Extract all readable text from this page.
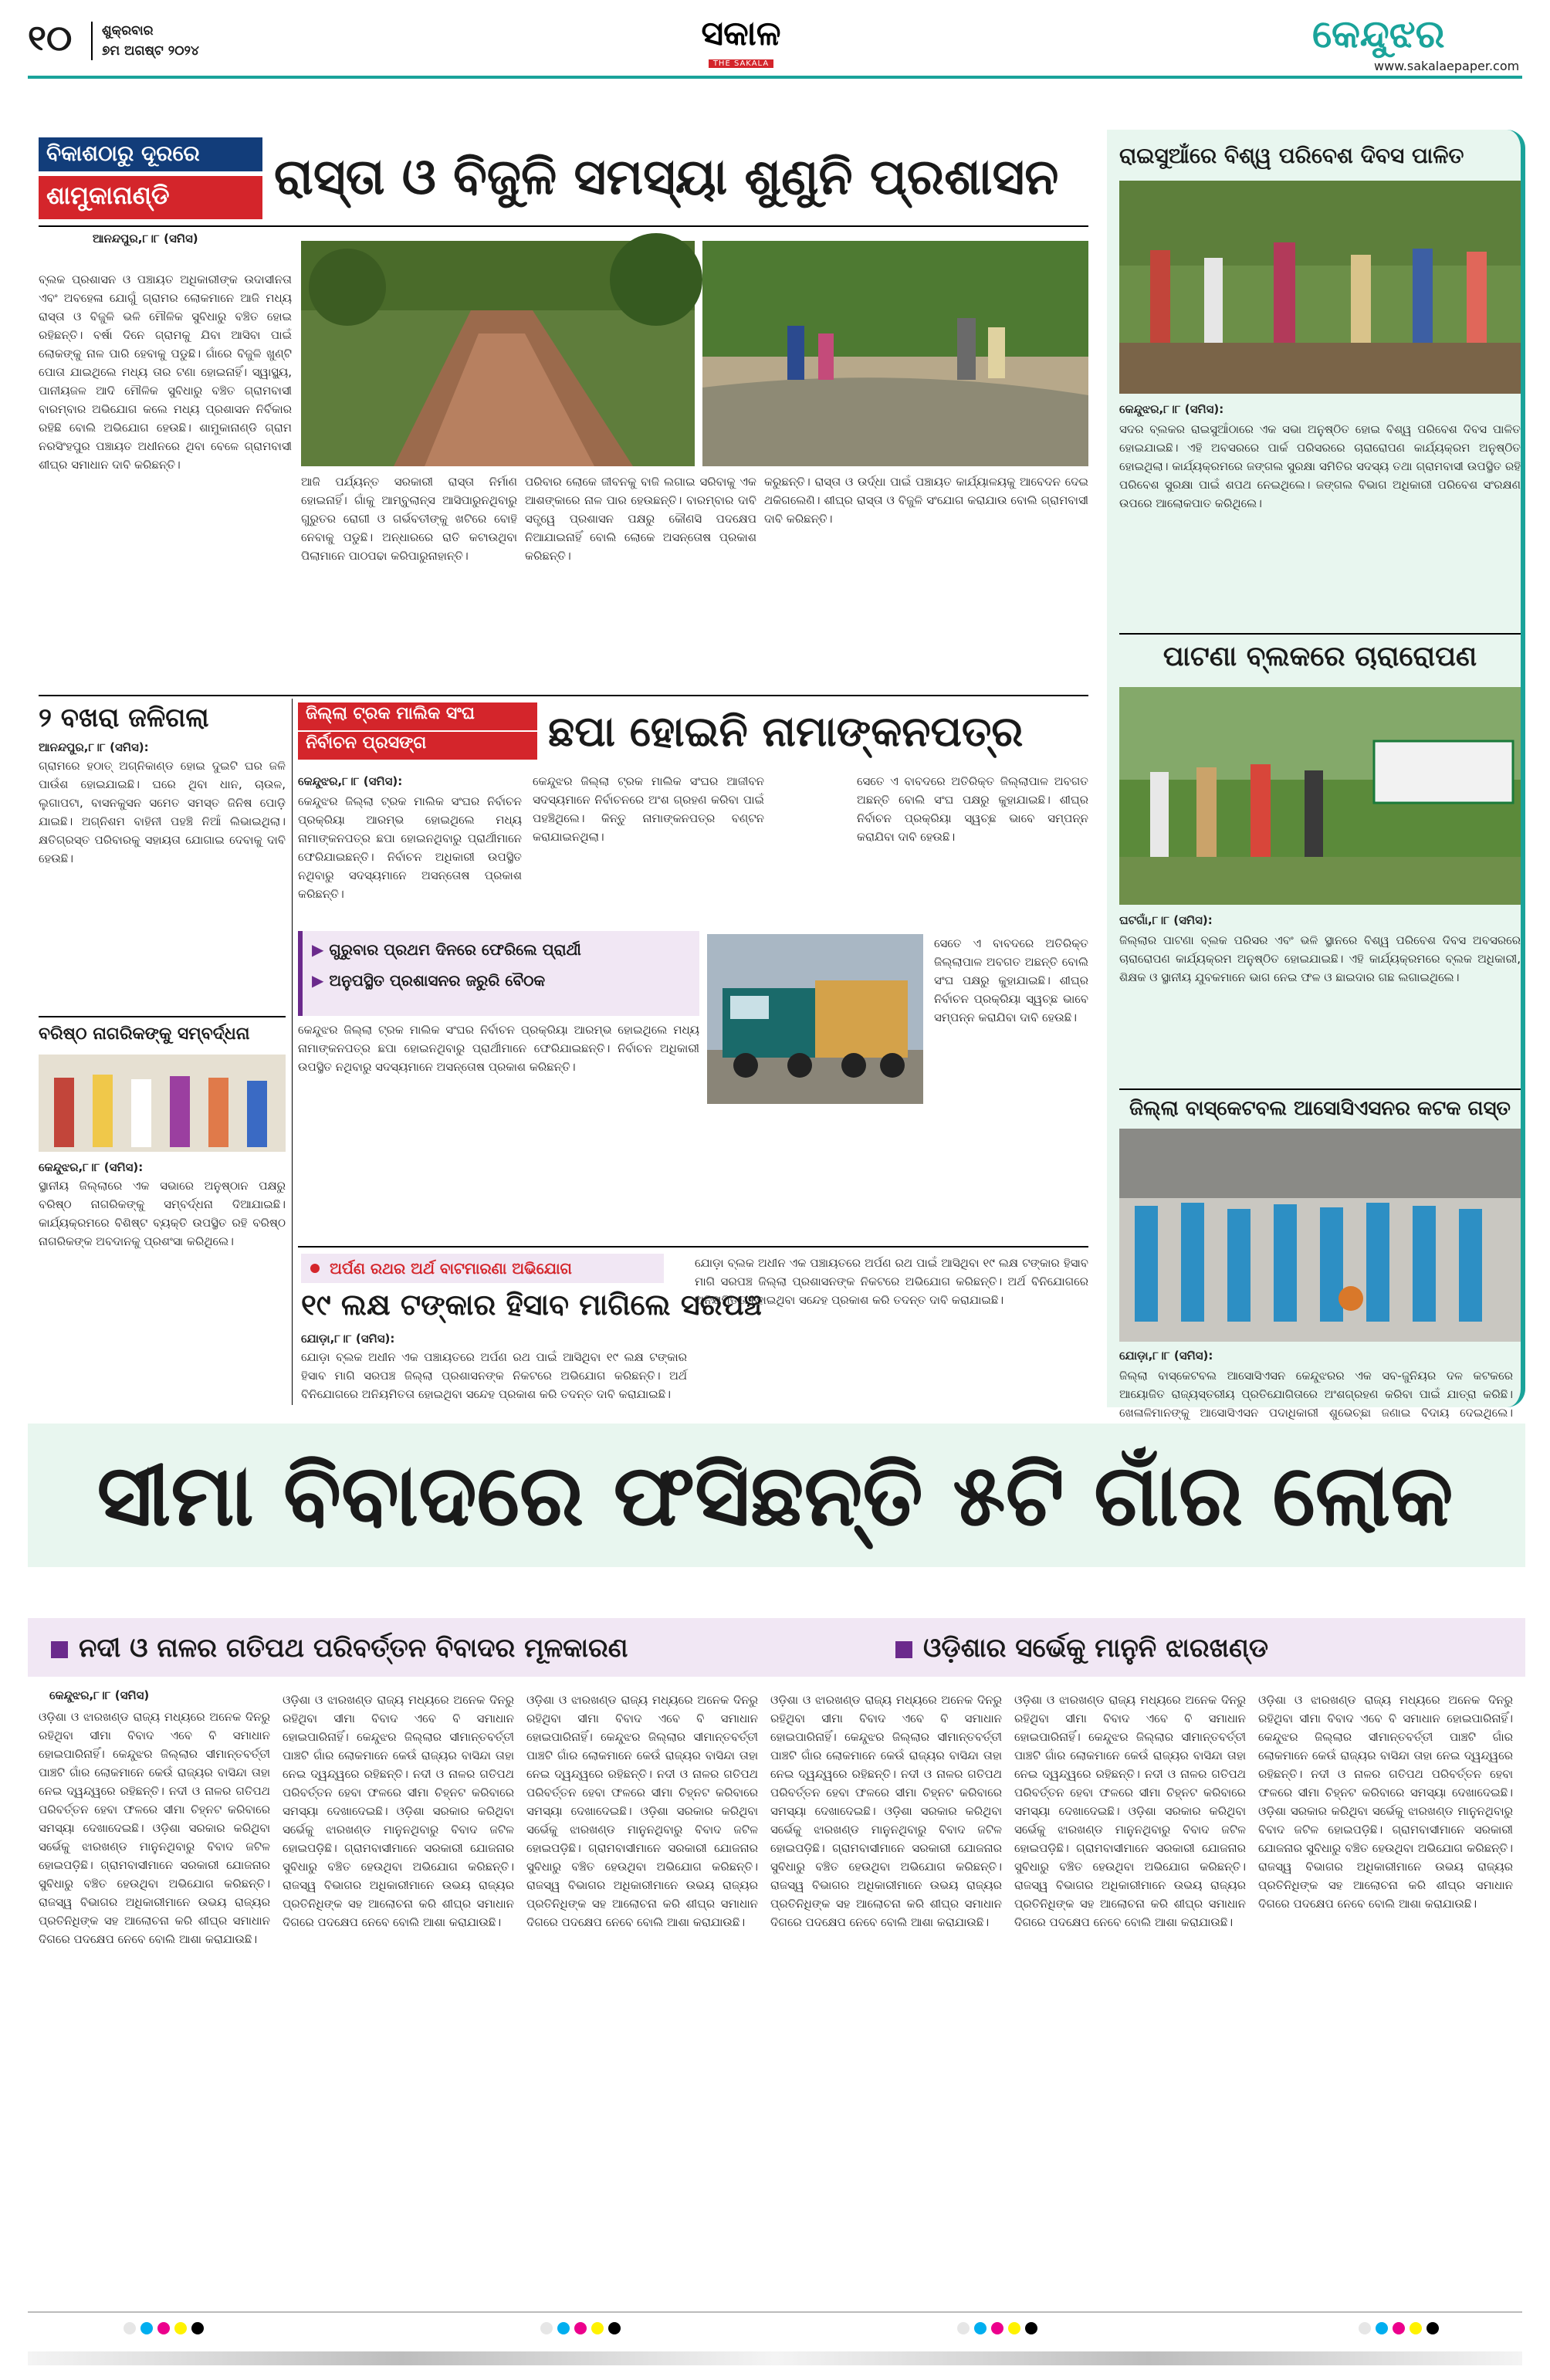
୧୦ ଶୁକ୍ରବାର
୭ମ ଅଗଷ୍ଟ ୨୦୨୪	ସକାଳ
THE SAKALA
କେନ୍ଦୁଝର
www.sakalaepaper.com
ବିକାଶଠାରୁ ଦୂରରେ
ଶାମୁକାନାଣ୍ଡି	ରାସ୍ତା ଓ ବିଜୁଳି ସମସ୍ୟା ଶୁଣୁନି ପ୍ରଶାସନ
ଆନନ୍ଦପୁର,୮।୮ (ସମିସ)
ବ୍ଲକ ପ୍ରଶାସନ ଓ ପଞ୍ଚାୟତ ଅଧିକାରୀଙ୍କ ଉଦାସୀନତା ଏବଂ ଅବହେଳା ଯୋଗୁଁ ଗ୍ରାମର ଲୋକମାନେ ଆଜି ମଧ୍ୟ ରାସ୍ତା ଓ ବିଜୁଳି ଭଳି ମୌଳିକ ସୁବିଧାରୁ ବଞ୍ଚିତ ହୋଇ ରହିଛନ୍ତି। ବର୍ଷା ଦିନେ ଗ୍ରାମକୁ ଯିବା ଆସିବା ପାଇଁ ଲୋକଙ୍କୁ ନାଳ ପାରି ହେବାକୁ ପଡୁଛି। ଗାଁରେ ବିଜୁଳି ଖୁଣ୍ଟି ପୋତା ଯାଇଥିଲେ ମଧ୍ୟ ତାର ଟଣା ହୋଇନାହିଁ। ସ୍ୱାସ୍ଥ୍ୟ, ପାନୀୟଜଳ ଆଦି ମୌଳିକ ସୁବିଧାରୁ ବଞ୍ଚିତ ଗ୍ରାମବାସୀ ବାରମ୍ବାର ଅଭିଯୋଗ କଲେ ମଧ୍ୟ ପ୍ରଶାସନ ନିର୍ବିକାର ରହିଛି ବୋଲି ଅଭିଯୋଗ ହେଉଛି। ଶାମୁକାନାଣ୍ଡି ଗ୍ରାମ ନରସିଂହପୁର ପଞ୍ଚାୟତ ଅଧୀନରେ ଥିବା ବେଳେ ଗ୍ରାମବାସୀ ଶୀଘ୍ର ସମାଧାନ ଦାବି କରିଛନ୍ତି।
ଆଜି ପର୍ଯ୍ୟନ୍ତ ସରକାରୀ ରାସ୍ତା ନିର୍ମାଣ ହୋଇନାହିଁ। ଗାଁକୁ ଆମ୍ବୁଲାନ୍ସ ଆସିପାରୁନଥିବାରୁ ଗୁରୁତର ରୋଗୀ ଓ ଗର୍ଭବତୀଙ୍କୁ ଖଟିରେ ବୋହି ନେବାକୁ ପଡୁଛି। ଅନ୍ଧାରରେ ରାତି କଟାଉଥିବା ପିଲାମାନେ ପାଠପଢା କରିପାରୁନାହାନ୍ତି।
ପରିବାର ଲୋକେ ଜୀବନକୁ ବାଜି ଲଗାଇ ସରିବାକୁ ଏକ ଆଶଙ୍କାରେ ନାଳ ପାର ହେଉଛନ୍ତି। ବାରମ୍ବାର ଦାବି ସତ୍ତ୍ୱେ ପ୍ରଶାସନ ପକ୍ଷରୁ କୌଣସି ପଦକ୍ଷେପ ନିଆଯାଇନାହିଁ ବୋଲି ଲୋକେ ଅସନ୍ତୋଷ ପ୍ରକାଶ କରିଛନ୍ତି।
କରୁଛନ୍ତି। ରାସ୍ତା ଓ ଉର୍ଦ୍ଧା ପାଇଁ ପଞ୍ଚାୟତ କାର୍ଯ୍ୟାଳୟକୁ ଆବେଦନ ଦେଇ ଥକିଗଲେଣି। ଶୀଘ୍ର ରାସ୍ତା ଓ ବିଜୁଳି ସଂଯୋଗ କରାଯାଉ ବୋଲି ଗ୍ରାମବାସୀ ଦାବି କରିଛନ୍ତି।
ରାଇସୁଆଁରେ ବିଶ୍ୱ ପରିବେଶ ଦିବସ ପାଳିତ
କେନ୍ଦୁଝର,୮।୮ (ସମିସ):
ସଦର ବ୍ଲକର ରାଇସୁଆଁଠାରେ ଏକ ସଭା ଅନୁଷ୍ଠିତ ହୋଇ ବିଶ୍ୱ ପରିବେଶ ଦିବସ ପାଳିତ ହୋଇଯାଇଛି। ଏହି ଅବସରରେ ପାର୍କ ପରିସରରେ ଚାରାରୋପଣ କାର୍ଯ୍ୟକ୍ରମ ଅନୁଷ୍ଠିତ ହୋଇଥିଲା। କାର୍ଯ୍ୟକ୍ରମରେ ଜଙ୍ଗଲ ସୁରକ୍ଷା ସମିତିର ସଦସ୍ୟ ତଥା ଗ୍ରାମବାସୀ ଉପସ୍ଥିତ ରହି ପରିବେଶ ସୁରକ୍ଷା ପାଇଁ ଶପଥ ନେଇଥିଲେ। ଜଙ୍ଗଲ ବିଭାଗ ଅଧିକାରୀ ପରିବେଶ ସଂରକ୍ଷଣ ଉପରେ ଆଲୋକପାତ କରିଥିଲେ।
ପାଟଣା ବ୍ଲକରେ ଚାରାରୋପଣ
ଘଟଗାଁ,୮।୮ (ସମିସ):
ଜିଲ୍ଲାର ପାଟଣା ବ୍ଲକ ପରିସର ଏବଂ ଭଳି ସ୍ଥାନରେ ବିଶ୍ୱ ପରିବେଶ ଦିବସ ଅବସରରେ ଚାରାରୋପଣ କାର୍ଯ୍ୟକ୍ରମ ଅନୁଷ୍ଠିତ ହୋଇଯାଇଛି। ଏହି କାର୍ଯ୍ୟକ୍ରମରେ ବ୍ଲକ ଅଧିକାରୀ, ଶିକ୍ଷକ ଓ ସ୍ଥାନୀୟ ଯୁବକମାନେ ଭାଗ ନେଇ ଫଳ ଓ ଛାଇଦାର ଗଛ ଲଗାଇଥିଲେ।
ଜିଲ୍ଲା ବାସ୍କେଟବଲ ଆସୋସିଏସନର କଟକ ଗସ୍ତ
ଯୋଡ଼ା,୮।୮ (ସମିସ):
ଜିଲ୍ଲା ବାସ୍କେଟବଲ ଆସୋସିଏସନ କେନ୍ଦୁଝରର ଏକ ସବ-ଜୁନିୟର ଦଳ କଟକରେ ଆୟୋଜିତ ରାଜ୍ୟସ୍ତରୀୟ ପ୍ରତିଯୋଗିତାରେ ଅଂଶଗ୍ରହଣ କରିବା ପାଇଁ ଯାତ୍ରା କରିଛି। ଖେଳାଳିମାନଙ୍କୁ ଆସୋସିଏସନ ପଦାଧିକାରୀ ଶୁଭେଚ୍ଛା ଜଣାଇ ବିଦାୟ ଦେଇଥିଲେ।
୨ ବଖରା ଜଳିଗଲା
ଆନନ୍ଦପୁର,୮।୮ (ସମିସ):
ଗ୍ରାମରେ ହଠାତ୍ ଅଗ୍ନିକାଣ୍ଡ ହୋଇ ଦୁଇଟି ଘର ଜଳି ପାଉଁଶ ହୋଇଯାଇଛି। ଘରେ ଥିବା ଧାନ, ଚାଉଳ, ଲୁଗାପଟା, ବାସନକୁସନ ସମେତ ସମସ୍ତ ଜିନିଷ ପୋଡ଼ି ଯାଇଛି। ଅଗ୍ନିଶମ ବାହିନୀ ପହଞ୍ଚି ନିଆଁ ଲିଭାଇଥିଲା। କ୍ଷତିଗ୍ରସ୍ତ ପରିବାରକୁ ସହାୟତା ଯୋଗାଇ ଦେବାକୁ ଦାବି ହେଉଛି।
ବରିଷ୍ଠ ନାଗରିକଙ୍କୁ ସମ୍ବର୍ଦ୍ଧନା
କେନ୍ଦୁଝର,୮।୮ (ସମିସ):
ସ୍ଥାନୀୟ ଜିଲ୍ଲାରେ ଏକ ସଭାରେ ଅନୁଷ୍ଠାନ ପକ୍ଷରୁ ବରିଷ୍ଠ ନାଗରିକଙ୍କୁ ସମ୍ବର୍ଦ୍ଧନା ଦିଆଯାଇଛି। କାର୍ଯ୍ୟକ୍ରମରେ ବିଶିଷ୍ଟ ବ୍ୟକ୍ତି ଉପସ୍ଥିତ ରହି ବରିଷ୍ଠ ନାଗରିକଙ୍କ ଅବଦାନକୁ ପ୍ରଶଂସା କରିଥିଲେ।
ଜିଲ୍ଲା ଟ୍ରକ ମାଲିକ ସଂଘ
ନିର୍ବାଚନ ପ୍ରସଙ୍ଗ	ଛପା ହୋଇନି ନାମାଙ୍କନପତ୍ର
କେନ୍ଦୁଝର,୮।୮ (ସମିସ):
କେନ୍ଦୁଝର ଜିଲ୍ଲା ଟ୍ରକ ମାଲିକ ସଂଘର ନିର୍ବାଚନ ପ୍ରକ୍ରିୟା ଆରମ୍ଭ ହୋଇଥିଲେ ମଧ୍ୟ ନାମାଙ୍କନପତ୍ର ଛପା ହୋଇନଥିବାରୁ ପ୍ରାର୍ଥୀମାନେ ଫେରିଯାଇଛନ୍ତି। ନିର୍ବାଚନ ଅଧିକାରୀ ଉପସ୍ଥିତ ନଥିବାରୁ ସଦସ୍ୟମାନେ ଅସନ୍ତୋଷ ପ୍ରକାଶ କରିଛନ୍ତି।
▶ ଗୁରୁବାର ପ୍ରଥମ ଦିନରେ ଫେରିଲେ ପ୍ରାର୍ଥୀ
▶ ଅନୁପସ୍ଥିତ ପ୍ରଶାସନର ଜରୁରି ବୈଠକ
କେନ୍ଦୁଝର ଜିଲ୍ଲା ଟ୍ରକ ମାଲିକ ସଂଘର ଆଜୀବନ ସଦସ୍ୟମାନେ ନିର୍ବାଚନରେ ଅଂଶ ଗ୍ରହଣ କରିବା ପାଇଁ ପହଞ୍ଚିଥିଲେ। କିନ୍ତୁ ନାମାଙ୍କନପତ୍ର ବଣ୍ଟନ କରାଯାଇନଥିଲା।
ସେତେ ଏ ବାବଦରେ ଅତିରିକ୍ତ ଜିଲ୍ଲାପାଳ ଅବଗତ ଅଛନ୍ତି ବୋଲି ସଂଘ ପକ୍ଷରୁ କୁହାଯାଇଛି। ଶୀଘ୍ର ନିର୍ବାଚନ ପ୍ରକ୍ରିୟା ସ୍ୱଚ୍ଛ ଭାବେ ସମ୍ପନ୍ନ କରାଯିବା ଦାବି ହେଉଛି।
କେନ୍ଦୁଝର ଜିଲ୍ଲା ଟ୍ରକ ମାଲିକ ସଂଘର ନିର୍ବାଚନ ପ୍ରକ୍ରିୟା ଆରମ୍ଭ ହୋଇଥିଲେ ମଧ୍ୟ ନାମାଙ୍କନପତ୍ର ଛପା ହୋଇନଥିବାରୁ ପ୍ରାର୍ଥୀମାନେ ଫେରିଯାଇଛନ୍ତି। ନିର୍ବାଚନ ଅଧିକାରୀ ଉପସ୍ଥିତ ନଥିବାରୁ ସଦସ୍ୟମାନେ ଅସନ୍ତୋଷ ପ୍ରକାଶ କରିଛନ୍ତି।
ସେତେ ଏ ବାବଦରେ ଅତିରିକ୍ତ ଜିଲ୍ଲାପାଳ ଅବଗତ ଅଛନ୍ତି ବୋଲି ସଂଘ ପକ୍ଷରୁ କୁହାଯାଇଛି। ଶୀଘ୍ର ନିର୍ବାଚନ ପ୍ରକ୍ରିୟା ସ୍ୱଚ୍ଛ ଭାବେ ସମ୍ପନ୍ନ କରାଯିବା ଦାବି ହେଉଛି।
ଅର୍ପଣ ରଥର ଅର୍ଥ ବାଟମାରଣା ଅଭିଯୋଗ
୧୯ ଲକ୍ଷ ଟଙ୍କାର ହିସାବ ମାଗିଲେ ସରପଞ୍ଚ
ଯୋଡ଼ା,୮।୮ (ସମିସ):
ଯୋଡ଼ା ବ୍ଲକ ଅଧୀନ ଏକ ପଞ୍ଚାୟତରେ ଅର୍ପଣ ରଥ ପାଇଁ ଆସିଥିବା ୧୯ ଲକ୍ଷ ଟଙ୍କାର ହିସାବ ମାଗି ସରପଞ୍ଚ ଜିଲ୍ଲା ପ୍ରଶାସନଙ୍କ ନିକଟରେ ଅଭିଯୋଗ କରିଛନ୍ତି। ଅର୍ଥ ବିନିଯୋଗରେ ଅନିୟମିତତା ହୋଇଥିବା ସନ୍ଦେହ ପ୍ରକାଶ କରି ତଦନ୍ତ ଦାବି କରାଯାଇଛି।
ଯୋଡ଼ା ବ୍ଲକ ଅଧୀନ ଏକ ପଞ୍ଚାୟତରେ ଅର୍ପଣ ରଥ ପାଇଁ ଆସିଥିବା ୧୯ ଲକ୍ଷ ଟଙ୍କାର ହିସାବ ମାଗି ସରପଞ୍ଚ ଜିଲ୍ଲା ପ୍ରଶାସନଙ୍କ ନିକଟରେ ଅଭିଯୋଗ କରିଛନ୍ତି। ଅର୍ଥ ବିନିଯୋଗରେ ଅନିୟମିତତା ହୋଇଥିବା ସନ୍ଦେହ ପ୍ରକାଶ କରି ତଦନ୍ତ ଦାବି କରାଯାଇଛି।
ସୀମା ବିବାଦରେ ଫସିଛନ୍ତି ୫ଟି ଗାଁର ଲୋକ
ନଦୀ ଓ ନାଳର ଗତିପଥ ପରିବର୍ତ୍ତନ ବିବାଦର ମୂଳକାରଣ	ଓଡ଼ିଶାର ସର୍ଭେକୁ ମାନୁନି ଝାରଖଣ୍ଡ
କେନ୍ଦୁଝର,୮।୮ (ସମିସ)
ଓଡ଼ିଶା ଓ ଝାରଖଣ୍ଡ ରାଜ୍ୟ ମଧ୍ୟରେ ଅନେକ ଦିନରୁ ରହିଥିବା ସୀମା ବିବାଦ ଏବେ ବି ସମାଧାନ ହୋଇପାରିନାହିଁ। କେନ୍ଦୁଝର ଜିଲ୍ଲାର ସୀମାନ୍ତବର୍ତ୍ତୀ ପାଞ୍ଚଟି ଗାଁର ଲୋକମାନେ କେଉଁ ରାଜ୍ୟର ବାସିନ୍ଦା ତାହା ନେଇ ଦ୍ୱନ୍ଦ୍ୱରେ ରହିଛନ୍ତି। ନଦୀ ଓ ନାଳର ଗତିପଥ ପରିବର୍ତ୍ତନ ହେବା ଫଳରେ ସୀମା ଚିହ୍ନଟ କରିବାରେ ସମସ୍ୟା ଦେଖାଦେଇଛି। ଓଡ଼ିଶା ସରକାର କରିଥିବା ସର୍ଭେକୁ ଝାରଖଣ୍ଡ ମାନୁନଥିବାରୁ ବିବାଦ ଜଟିଳ ହୋଇପଡ଼ିଛି। ଗ୍ରାମବାସୀମାନେ ସରକାରୀ ଯୋଜନାର ସୁବିଧାରୁ ବଞ୍ଚିତ ହେଉଥିବା ଅଭିଯୋଗ କରିଛନ୍ତି। ରାଜସ୍ୱ ବିଭାଗର ଅଧିକାରୀମାନେ ଉଭୟ ରାଜ୍ୟର ପ୍ରତିନିଧିଙ୍କ ସହ ଆଲୋଚନା କରି ଶୀଘ୍ର ସମାଧାନ ଦିଗରେ ପଦକ୍ଷେପ ନେବେ ବୋଲି ଆଶା କରାଯାଉଛି।
ଓଡ଼ିଶା ଓ ଝାରଖଣ୍ଡ ରାଜ୍ୟ ମଧ୍ୟରେ ଅନେକ ଦିନରୁ ରହିଥିବା ସୀମା ବିବାଦ ଏବେ ବି ସମାଧାନ ହୋଇପାରିନାହିଁ। କେନ୍ଦୁଝର ଜିଲ୍ଲାର ସୀମାନ୍ତବର୍ତ୍ତୀ ପାଞ୍ଚଟି ଗାଁର ଲୋକମାନେ କେଉଁ ରାଜ୍ୟର ବାସିନ୍ଦା ତାହା ନେଇ ଦ୍ୱନ୍ଦ୍ୱରେ ରହିଛନ୍ତି। ନଦୀ ଓ ନାଳର ଗତିପଥ ପରିବର୍ତ୍ତନ ହେବା ଫଳରେ ସୀମା ଚିହ୍ନଟ କରିବାରେ ସମସ୍ୟା ଦେଖାଦେଇଛି। ଓଡ଼ିଶା ସରକାର କରିଥିବା ସର୍ଭେକୁ ଝାରଖଣ୍ଡ ମାନୁନଥିବାରୁ ବିବାଦ ଜଟିଳ ହୋଇପଡ଼ିଛି। ଗ୍ରାମବାସୀମାନେ ସରକାରୀ ଯୋଜନାର ସୁବିଧାରୁ ବଞ୍ଚିତ ହେଉଥିବା ଅଭିଯୋଗ କରିଛନ୍ତି। ରାଜସ୍ୱ ବିଭାଗର ଅଧିକାରୀମାନେ ଉଭୟ ରାଜ୍ୟର ପ୍ରତିନିଧିଙ୍କ ସହ ଆଲୋଚନା କରି ଶୀଘ୍ର ସମାଧାନ ଦିଗରେ ପଦକ୍ଷେପ ନେବେ ବୋଲି ଆଶା କରାଯାଉଛି।
ଓଡ଼ିଶା ଓ ଝାରଖଣ୍ଡ ରାଜ୍ୟ ମଧ୍ୟରେ ଅନେକ ଦିନରୁ ରହିଥିବା ସୀମା ବିବାଦ ଏବେ ବି ସମାଧାନ ହୋଇପାରିନାହିଁ। କେନ୍ଦୁଝର ଜିଲ୍ଲାର ସୀମାନ୍ତବର୍ତ୍ତୀ ପାଞ୍ଚଟି ଗାଁର ଲୋକମାନେ କେଉଁ ରାଜ୍ୟର ବାସିନ୍ଦା ତାହା ନେଇ ଦ୍ୱନ୍ଦ୍ୱରେ ରହିଛନ୍ତି। ନଦୀ ଓ ନାଳର ଗତିପଥ ପରିବର୍ତ୍ତନ ହେବା ଫଳରେ ସୀମା ଚିହ୍ନଟ କରିବାରେ ସମସ୍ୟା ଦେଖାଦେଇଛି। ଓଡ଼ିଶା ସରକାର କରିଥିବା ସର୍ଭେକୁ ଝାରଖଣ୍ଡ ମାନୁନଥିବାରୁ ବିବାଦ ଜଟିଳ ହୋଇପଡ଼ିଛି। ଗ୍ରାମବାସୀମାନେ ସରକାରୀ ଯୋଜନାର ସୁବିଧାରୁ ବଞ୍ଚିତ ହେଉଥିବା ଅଭିଯୋଗ କରିଛନ୍ତି। ରାଜସ୍ୱ ବିଭାଗର ଅଧିକାରୀମାନେ ଉଭୟ ରାଜ୍ୟର ପ୍ରତିନିଧିଙ୍କ ସହ ଆଲୋଚନା କରି ଶୀଘ୍ର ସମାଧାନ ଦିଗରେ ପଦକ୍ଷେପ ନେବେ ବୋଲି ଆଶା କରାଯାଉଛି।
ଓଡ଼ିଶା ଓ ଝାରଖଣ୍ଡ ରାଜ୍ୟ ମଧ୍ୟରେ ଅନେକ ଦିନରୁ ରହିଥିବା ସୀମା ବିବାଦ ଏବେ ବି ସମାଧାନ ହୋଇପାରିନାହିଁ। କେନ୍ଦୁଝର ଜିଲ୍ଲାର ସୀମାନ୍ତବର୍ତ୍ତୀ ପାଞ୍ଚଟି ଗାଁର ଲୋକମାନେ କେଉଁ ରାଜ୍ୟର ବାସିନ୍ଦା ତାହା ନେଇ ଦ୍ୱନ୍ଦ୍ୱରେ ରହିଛନ୍ତି। ନଦୀ ଓ ନାଳର ଗତିପଥ ପରିବର୍ତ୍ତନ ହେବା ଫଳରେ ସୀମା ଚିହ୍ନଟ କରିବାରେ ସମସ୍ୟା ଦେଖାଦେଇଛି। ଓଡ଼ିଶା ସରକାର କରିଥିବା ସର୍ଭେକୁ ଝାରଖଣ୍ଡ ମାନୁନଥିବାରୁ ବିବାଦ ଜଟିଳ ହୋଇପଡ଼ିଛି। ଗ୍ରାମବାସୀମାନେ ସରକାରୀ ଯୋଜନାର ସୁବିଧାରୁ ବଞ୍ଚିତ ହେଉଥିବା ଅଭିଯୋଗ କରିଛନ୍ତି। ରାଜସ୍ୱ ବିଭାଗର ଅଧିକାରୀମାନେ ଉଭୟ ରାଜ୍ୟର ପ୍ରତିନିଧିଙ୍କ ସହ ଆଲୋଚନା କରି ଶୀଘ୍ର ସମାଧାନ ଦିଗରେ ପଦକ୍ଷେପ ନେବେ ବୋଲି ଆଶା କରାଯାଉଛି।
ଓଡ଼ିଶା ଓ ଝାରଖଣ୍ଡ ରାଜ୍ୟ ମଧ୍ୟରେ ଅନେକ ଦିନରୁ ରହିଥିବା ସୀମା ବିବାଦ ଏବେ ବି ସମାଧାନ ହୋଇପାରିନାହିଁ। କେନ୍ଦୁଝର ଜିଲ୍ଲାର ସୀମାନ୍ତବର୍ତ୍ତୀ ପାଞ୍ଚଟି ଗାଁର ଲୋକମାନେ କେଉଁ ରାଜ୍ୟର ବାସିନ୍ଦା ତାହା ନେଇ ଦ୍ୱନ୍ଦ୍ୱରେ ରହିଛନ୍ତି। ନଦୀ ଓ ନାଳର ଗତିପଥ ପରିବର୍ତ୍ତନ ହେବା ଫଳରେ ସୀମା ଚିହ୍ନଟ କରିବାରେ ସମସ୍ୟା ଦେଖାଦେଇଛି। ଓଡ଼ିଶା ସରକାର କରିଥିବା ସର୍ଭେକୁ ଝାରଖଣ୍ଡ ମାନୁନଥିବାରୁ ବିବାଦ ଜଟିଳ ହୋଇପଡ଼ିଛି। ଗ୍ରାମବାସୀମାନେ ସରକାରୀ ଯୋଜନାର ସୁବିଧାରୁ ବଞ୍ଚିତ ହେଉଥିବା ଅଭିଯୋଗ କରିଛନ୍ତି। ରାଜସ୍ୱ ବିଭାଗର ଅଧିକାରୀମାନେ ଉଭୟ ରାଜ୍ୟର ପ୍ରତିନିଧିଙ୍କ ସହ ଆଲୋଚନା କରି ଶୀଘ୍ର ସମାଧାନ ଦିଗରେ ପଦକ୍ଷେପ ନେବେ ବୋଲି ଆଶା କରାଯାଉଛି।
ଓଡ଼ିଶା ଓ ଝାରଖଣ୍ଡ ରାଜ୍ୟ ମଧ୍ୟରେ ଅନେକ ଦିନରୁ ରହିଥିବା ସୀମା ବିବାଦ ଏବେ ବି ସମାଧାନ ହୋଇପାରିନାହିଁ। କେନ୍ଦୁଝର ଜିଲ୍ଲାର ସୀମାନ୍ତବର୍ତ୍ତୀ ପାଞ୍ଚଟି ଗାଁର ଲୋକମାନେ କେଉଁ ରାଜ୍ୟର ବାସିନ୍ଦା ତାହା ନେଇ ଦ୍ୱନ୍ଦ୍ୱରେ ରହିଛନ୍ତି। ନଦୀ ଓ ନାଳର ଗତିପଥ ପରିବର୍ତ୍ତନ ହେବା ଫଳରେ ସୀମା ଚିହ୍ନଟ କରିବାରେ ସମସ୍ୟା ଦେଖାଦେଇଛି। ଓଡ଼ିଶା ସରକାର କରିଥିବା ସର୍ଭେକୁ ଝାରଖଣ୍ଡ ମାନୁନଥିବାରୁ ବିବାଦ ଜଟିଳ ହୋଇପଡ଼ିଛି। ଗ୍ରାମବାସୀମାନେ ସରକାରୀ ଯୋଜନାର ସୁବିଧାରୁ ବଞ୍ଚିତ ହେଉଥିବା ଅଭିଯୋଗ କରିଛନ୍ତି। ରାଜସ୍ୱ ବିଭାଗର ଅଧିକାରୀମାନେ ଉଭୟ ରାଜ୍ୟର ପ୍ରତିନିଧିଙ୍କ ସହ ଆଲୋଚନା କରି ଶୀଘ୍ର ସମାଧାନ ଦିଗରେ ପଦକ୍ଷେପ ନେବେ ବୋଲି ଆଶା କରାଯାଉଛି।
